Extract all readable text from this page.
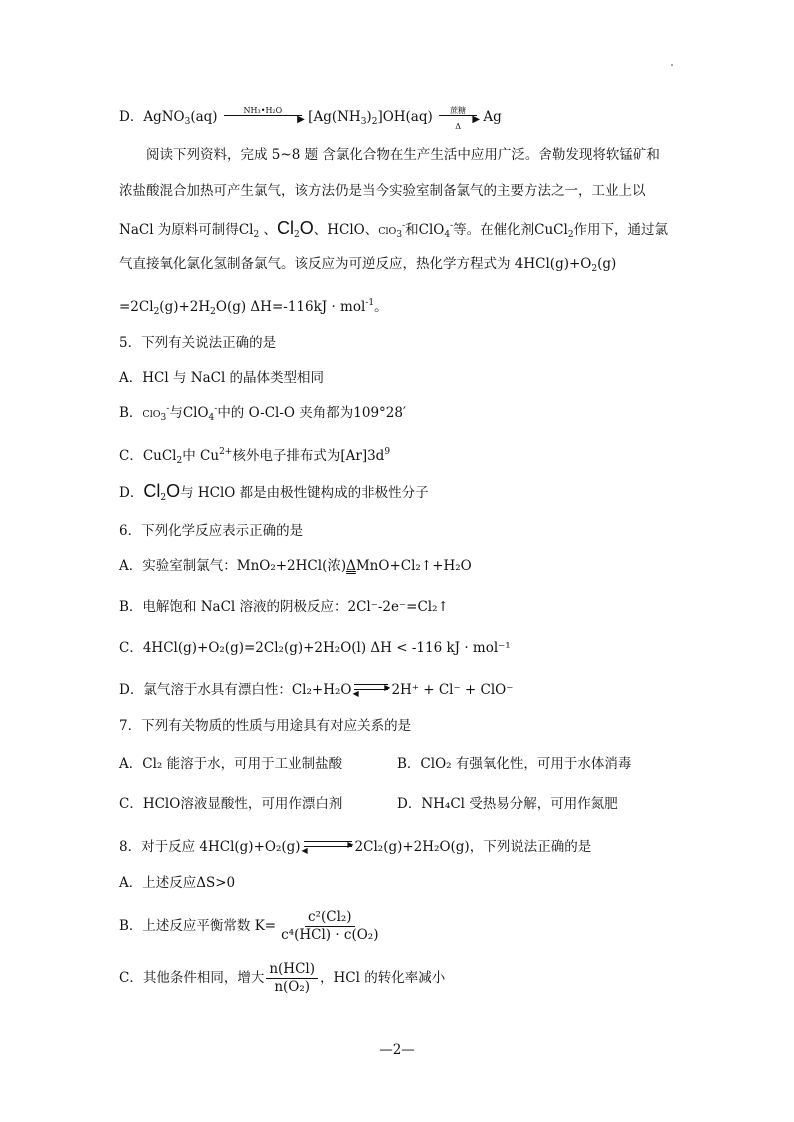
D．AgNO$_3$(aq)	NH₃•H₂O
▶ $[Ag(NH_3)_2]OH(aq)$	蔗糖
Δ
▶ Ag
阅读下列资料，完成 5~8 题 含氯化合物在生产生活中应用广泛。舍勒发现将软锰矿和
浓盐酸混合加热可产生氯气，该方法仍是当今实验室制备氯气的主要方法之一，工业上以
NaCl 为原料可制得$Cl_2$ 、$Cl_2O$、HClO、ClO$_3$-和ClO$_4$-等。在催化剂CuCl$_2$作用下，通过氯
气直接氧化氯化氢制备氯气。该反应为可逆反应，热化学方程式为 $4HCl(g)+O_2(g)$
$=2Cl_2(g)+2H_2O(g) \Delta H=-116kJ \cdot mol^{-1}$。
5．下列有关说法正确的是
A．HCl 与 NaCl 的晶体类型相同
B．ClO$_3$-与ClO$_4$-中的 O-Cl-O 夹角都为109°28′
C．CuCl$_2$中 $Cu^{2+}$核外电子排布式为$[Ar]3d^9$
D．$Cl_2O$与 HClO 都是由极性键构成的非极性分子
6．下列化学反应表示正确的是
A．实验室制氯气：MnO₂+2HCl(浓)ΔMnO+Cl₂↑+H₂O
B．电解饱和 NaCl 溶液的阴极反应：2Cl⁻-2e⁻=Cl₂↑
C．4HCl(g)+O₂(g)=2Cl₂(g)+2H₂O(l) ΔH < -116 kJ · mol⁻¹
D．氯气溶于水具有漂白性：Cl₂+H₂O	▶
◀ 2H⁺ + Cl⁻ + ClO⁻
7．下列有关物质的性质与用途具有对应关系的是
A．Cl₂ 能溶于水，可用于工业制盐酸	B．ClO₂ 有强氧化性，可用于水体消毒
C．HClO溶液显酸性，可用作漂白剂	D．NH₄Cl 受热易分解，可用作氮肥
8．对于反应 4HCl(g)+O₂(g)	▶
◀	2Cl₂(g)+2H₂O(g)，下列说法正确的是
A．上述反应ΔS>0
B．上述反应平衡常数 $K= \frac{\text{c²(Cl₂)}}{\text{c⁴(HCl) · c(O₂)}}$
C．其他条件相同，增大 $\frac{\text{n(HCl)}}{\text{n(O₂)}}$ ，HCl 的转化率减小
—2—
